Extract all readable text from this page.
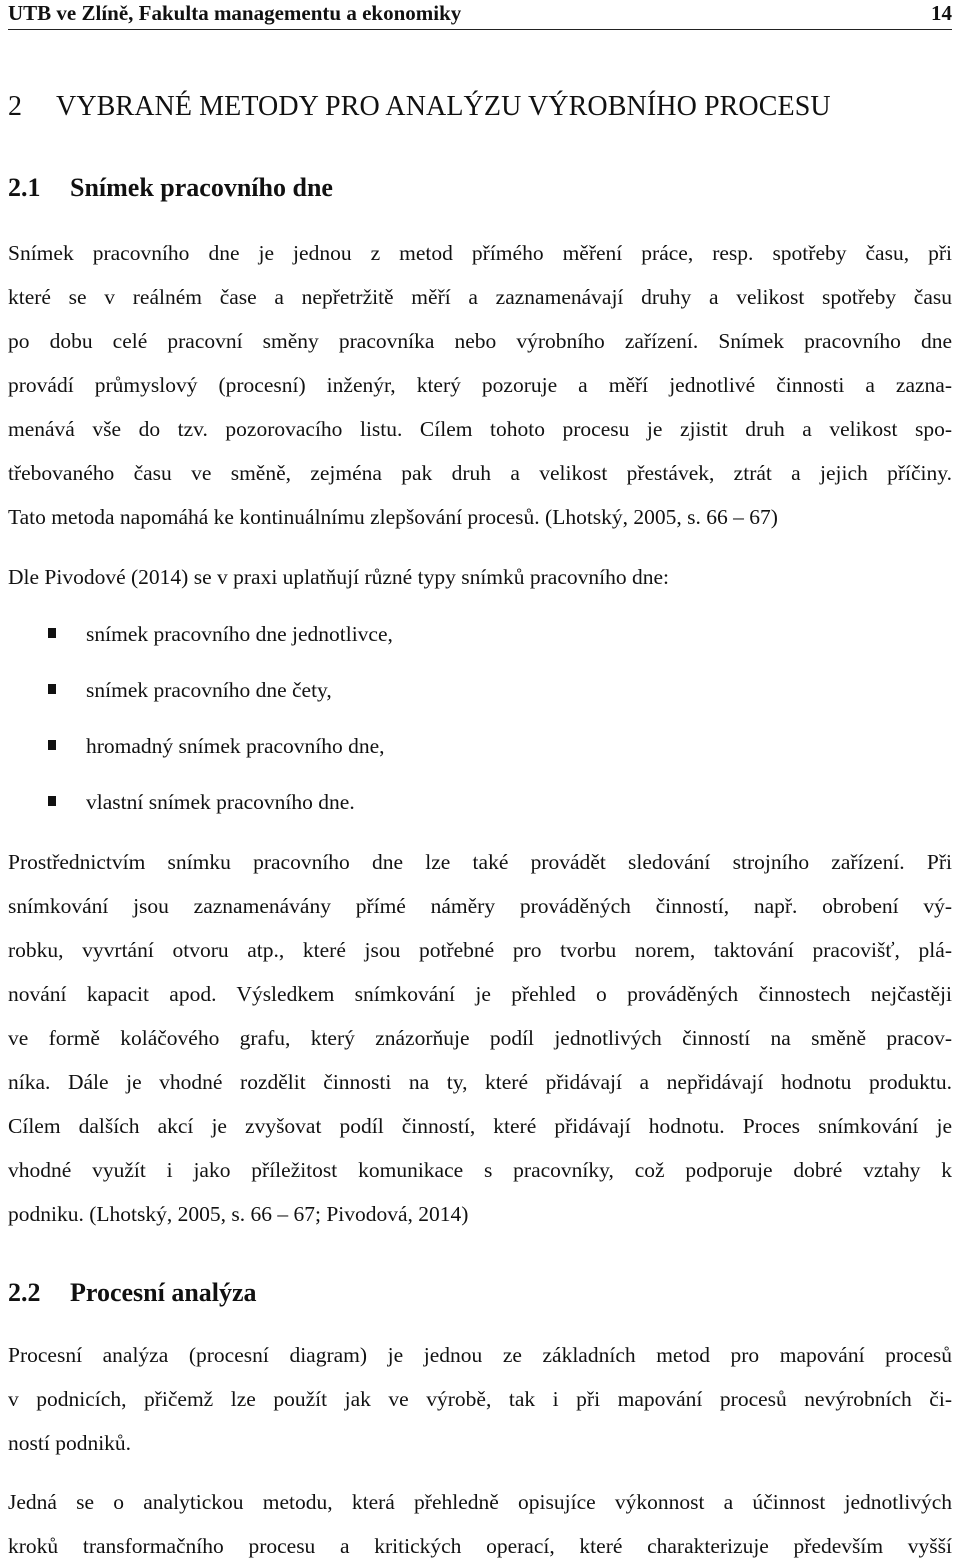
UTB ve Zlíně, Fakulta managementu a ekonomiky	14
2 VYBRANÉ METODY PRO ANALÝZU VÝROBNÍHO PROCESU
2.1 Snímek pracovního dne
Snímek pracovního dne je jednou z metod přímého měření práce, resp. spotřeby času, při
které se v reálném čase a nepřetržitě měří a zaznamenávají druhy a velikost spotřeby času
po dobu celé pracovní směny pracovníka nebo výrobního zařízení. Snímek pracovního dne
provádí průmyslový (procesní) inženýr, který pozoruje a měří jednotlivé činnosti a zazna-
menává vše do tzv. pozorovacího listu. Cílem tohoto procesu je zjistit druh a velikost spo-
třebovaného času ve směně, zejména pak druh a velikost přestávek, ztrát a jejich příčiny.
Tato metoda napomáhá ke kontinuálnímu zlepšování procesů. (Lhotský, 2005, s. 66 – 67)
Dle Pivodové (2014) se v praxi uplatňují různé typy snímků pracovního dne:
snímek pracovního dne jednotlivce,
snímek pracovního dne čety,
hromadný snímek pracovního dne,
vlastní snímek pracovního dne.
Prostřednictvím snímku pracovního dne lze také provádět sledování strojního zařízení. Při
snímkování jsou zaznamenávány přímé náměry prováděných činností, např. obrobení vý-
robku, vyvrtání otvoru atp., které jsou potřebné pro tvorbu norem, taktování pracovišť, plá-
nování kapacit apod. Výsledkem snímkování je přehled o prováděných činnostech nejčastěji
ve formě koláčového grafu, který znázorňuje podíl jednotlivých činností na směně pracov-
níka. Dále je vhodné rozdělit činnosti na ty, které přidávají a nepřidávají hodnotu produktu.
Cílem dalších akcí je zvyšovat podíl činností, které přidávají hodnotu. Proces snímkování je
vhodné využít i jako příležitost komunikace s pracovníky, což podporuje dobré vztahy k
podniku. (Lhotský, 2005, s. 66 – 67; Pivodová, 2014)
2.2 Procesní analýza
Procesní analýza (procesní diagram) je jednou ze základních metod pro mapování procesů
v podnicích, přičemž lze použít jak ve výrobě, tak i při mapování procesů nevýrobních či-
ností podniků.
Jedná se o analytickou metodu, která přehledně opisujíce výkonnost a účinnost jednotlivých
kroků transformačního procesu a kritických operací, které charakterizuje především vyšší
